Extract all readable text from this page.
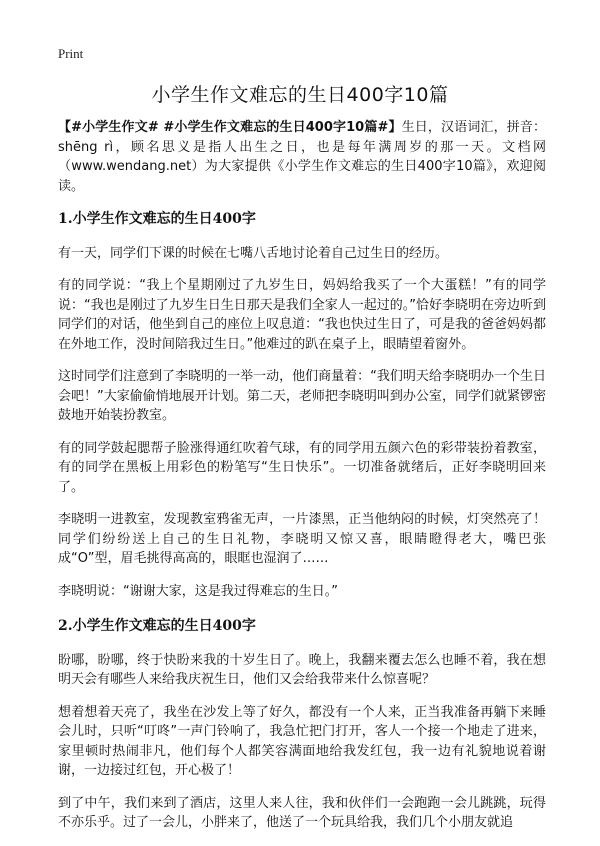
Print
小学生作文难忘的生日400字10篇

【#小学生作文# #小学生作文难忘的生日400字10篇#】生日，汉语词汇，拼音：shēng rì，顾名思义是指人出生之日，也是每年满周岁的那一天。文档网（www.wendang.net）为大家提供《小学生作文难忘的生日400字10篇》，欢迎阅读。

1.小学生作文难忘的生日400字

有一天，同学们下课的时候在七嘴八舌地讨论着自己过生日的经历。

有的同学说：“我上个星期刚过了九岁生日，妈妈给我买了一个大蛋糕！”有的同学说：“我也是刚过了九岁生日生日那天是我们全家人一起过的。”恰好李晓明在旁边听到同学们的对话，他坐到自己的座位上叹息道：“我也快过生日了，可是我的爸爸妈妈都在外地工作，没时间陪我过生日。”他难过的趴在桌子上，眼睛望着窗外。

这时同学们注意到了李晓明的一举一动，他们商量着：“我们明天给李晓明办一个生日会吧！”大家偷偷悄地展开计划。第二天，老师把李晓明叫到办公室，同学们就紧锣密鼓地开始装扮教室。

有的同学鼓起腮帮子脸涨得通红吹着气球，有的同学用五颜六色的彩带装扮着教室，有的同学在黑板上用彩色的粉笔写“生日快乐”。一切准备就绪后，正好李晓明回来了。

李晓明一进教室，发现教室鸦雀无声，一片漆黑，正当他纳闷的时候，灯突然亮了！同学们纷纷送上自己的生日礼物，李晓明又惊又喜，眼睛瞪得老大，嘴巴张成“O”型，眉毛挑得高高的，眼眶也湿润了……

李晓明说：“谢谢大家，这是我过得难忘的生日。”

2.小学生作文难忘的生日400字

盼哪，盼哪，终于快盼来我的十岁生日了。晚上，我翻来覆去怎么也睡不着，我在想明天会有哪些人来给我庆祝生日，他们又会给我带来什么惊喜呢？

想着想着天亮了，我坐在沙发上等了好久，都没有一个人来，正当我准备再躺下来睡会儿时，只听“叮咚”一声门铃响了，我急忙把门打开，客人一个接一个地走了进来，家里顿时热闹非凡，他们每个人都笑容满面地给我发红包，我一边有礼貌地说着谢谢，一边接过红包，开心极了！

到了中午，我们来到了酒店，这里人来人往，我和伙伴们一会跑跑一会儿跳跳，玩得不亦乐乎。过了一会儿，小胖来了，他送了一个玩具给我，我们几个小朋友就追
